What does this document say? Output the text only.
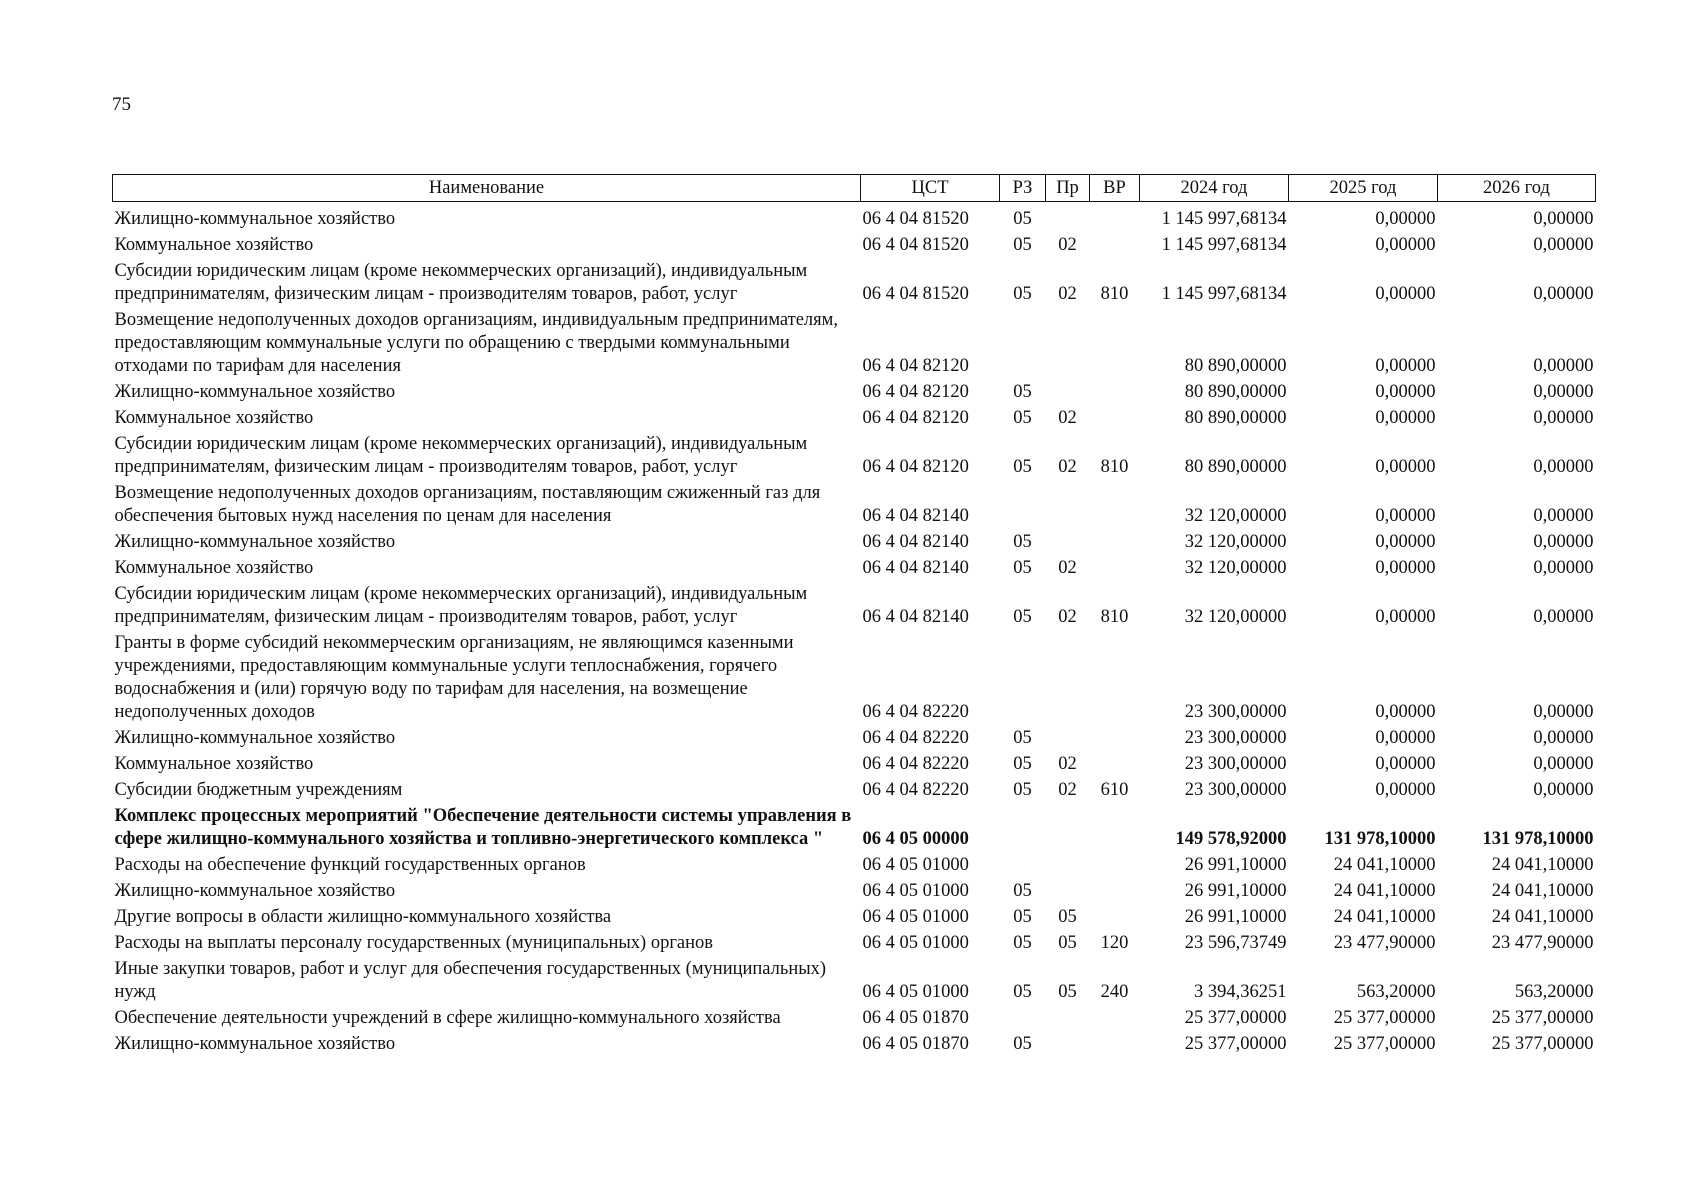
75
Наименование	ЦСТ	РЗ	Пр	ВР	2024 год	2025 год	2026 год
Жилищно-коммунальное хозяйство	06 4 04 81520	05			1 145 997,68134	0,00000	0,00000
Коммунальное хозяйство	06 4 04 81520	05	02		1 145 997,68134	0,00000	0,00000
Субсидии юридическим лицам (кроме некоммерческих организаций), индивидуальным предпринимателям, физическим лицам - производителям товаров, работ, услуг	06 4 04 81520	05	02	810	1 145 997,68134	0,00000	0,00000
Возмещение недополученных доходов организациям, индивидуальным предпринимателям, предоставляющим коммунальные услуги по обращению с твердыми коммунальными отходами по тарифам для населения	06 4 04 82120				80 890,00000	0,00000	0,00000
Жилищно-коммунальное хозяйство	06 4 04 82120	05			80 890,00000	0,00000	0,00000
Коммунальное хозяйство	06 4 04 82120	05	02		80 890,00000	0,00000	0,00000
Субсидии юридическим лицам (кроме некоммерческих организаций), индивидуальным предпринимателям, физическим лицам - производителям товаров, работ, услуг	06 4 04 82120	05	02	810	80 890,00000	0,00000	0,00000
Возмещение недополученных доходов организациям, поставляющим сжиженный газ для обеспечения бытовых нужд населения по ценам для населения	06 4 04 82140				32 120,00000	0,00000	0,00000
Жилищно-коммунальное хозяйство	06 4 04 82140	05			32 120,00000	0,00000	0,00000
Коммунальное хозяйство	06 4 04 82140	05	02		32 120,00000	0,00000	0,00000
Субсидии юридическим лицам (кроме некоммерческих организаций), индивидуальным предпринимателям, физическим лицам - производителям товаров, работ, услуг	06 4 04 82140	05	02	810	32 120,00000	0,00000	0,00000
Гранты в форме субсидий некоммерческим организациям, не являющимся казенными учреждениями, предоставляющим коммунальные услуги теплоснабжения, горячего водоснабжения и (или) горячую воду по тарифам для населения, на возмещение недополученных доходов	06 4 04 82220				23 300,00000	0,00000	0,00000
Жилищно-коммунальное хозяйство	06 4 04 82220	05			23 300,00000	0,00000	0,00000
Коммунальное хозяйство	06 4 04 82220	05	02		23 300,00000	0,00000	0,00000
Субсидии бюджетным учреждениям	06 4 04 82220	05	02	610	23 300,00000	0,00000	0,00000
Комплекс процессных мероприятий "Обеспечение деятельности системы управления в сфере жилищно-коммунального хозяйства и топливно-энергетического комплекса "	06 4 05 00000				149 578,92000	131 978,10000	131 978,10000
Расходы на обеспечение функций государственных органов	06 4 05 01000				26 991,10000	24 041,10000	24 041,10000
Жилищно-коммунальное хозяйство	06 4 05 01000	05			26 991,10000	24 041,10000	24 041,10000
Другие вопросы в области жилищно-коммунального хозяйства	06 4 05 01000	05	05		26 991,10000	24 041,10000	24 041,10000
Расходы на выплаты персоналу государственных (муниципальных) органов	06 4 05 01000	05	05	120	23 596,73749	23 477,90000	23 477,90000
Иные закупки товаров, работ и услуг для обеспечения государственных (муниципальных) нужд	06 4 05 01000	05	05	240	3 394,36251	563,20000	563,20000
Обеспечение деятельности учреждений в сфере жилищно-коммунального хозяйства	06 4 05 01870				25 377,00000	25 377,00000	25 377,00000
Жилищно-коммунальное хозяйство	06 4 05 01870	05			25 377,00000	25 377,00000	25 377,00000
